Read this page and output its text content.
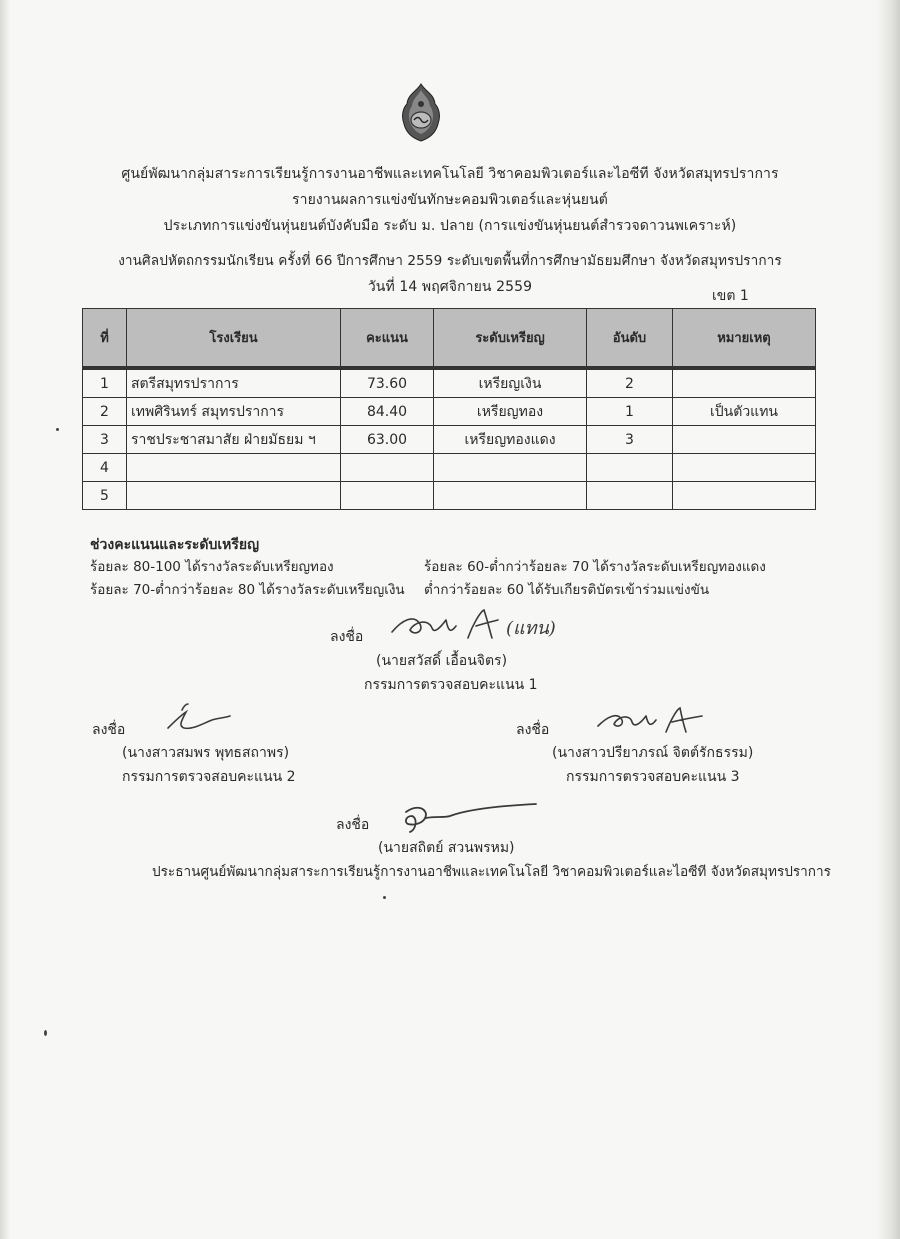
ศูนย์พัฒนากลุ่มสาระการเรียนรู้การงานอาชีพและเทคโนโลยี วิชาคอมพิวเตอร์และไอซีที จังหวัดสมุทรปราการ
รายงานผลการแข่งขันทักษะคอมพิวเตอร์และหุ่นยนต์
ประเภทการแข่งขันหุ่นยนต์บังคับมือ ระดับ ม. ปลาย (การแข่งขันหุ่นยนต์สำรวจดาวนพเคราะห์)
งานศิลปหัตถกรรมนักเรียน ครั้งที่ 66 ปีการศึกษา 2559 ระดับเขตพื้นที่การศึกษามัธยมศึกษา จังหวัดสมุทรปราการ
วันที่ 14 พฤศจิกายน 2559
เขต 1
ที่	โรงเรียน	คะแนน	ระดับเหรียญ	อันดับ	หมายเหตุ

1	สตรีสมุทรปราการ	73.60	เหรียญเงิน	2	
2	เทพศิรินทร์ สมุทรปราการ	84.40	เหรียญทอง	1	เป็นตัวแทน
3	ราชประชาสมาสัย ฝ่ายมัธยม ฯ	63.00	เหรียญทองแดง	3	
4					
5					
ช่วงคะแนนและระดับเหรียญ
ร้อยละ 80-100 ได้รางวัลระดับเหรียญทอง
ร้อยละ 70-ต่ำกว่าร้อยละ 80 ได้รางวัลระดับเหรียญเงิน
ร้อยละ 60-ต่ำกว่าร้อยละ 70 ได้รางวัลระดับเหรียญทองแดง
ต่ำกว่าร้อยละ 60 ได้รับเกียรติบัตรเข้าร่วมแข่งขัน
ลงชื่อ	(แทน)
(นายสวัสดิ์ เอื้อนจิตร)
กรรมการตรวจสอบคะแนน 1
ลงชื่อ
(นางสาวสมพร พุทธสถาพร)
กรรมการตรวจสอบคะแนน 2
ลงชื่อ
(นางสาวปรียาภรณ์ จิตต์รักธรรม)
กรรมการตรวจสอบคะแนน 3
ลงชื่อ
(นายสถิตย์ สวนพรหม)
ประธานศูนย์พัฒนากลุ่มสาระการเรียนรู้การงานอาชีพและเทคโนโลยี วิชาคอมพิวเตอร์และไอซีที จังหวัดสมุทรปราการ
